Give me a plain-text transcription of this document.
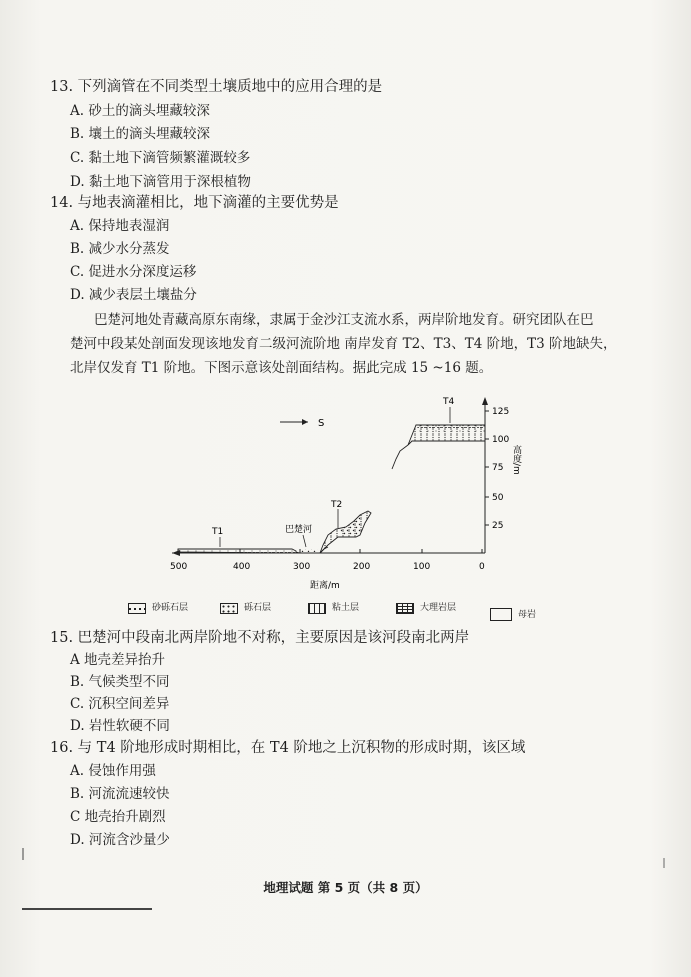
13. 下列滴管在不同类型土壤质地中的应用合理的是
A. 砂土的滴头埋藏较深
B. 壤土的滴头埋藏较深
C. 黏土地下滴管频繁灌溉较多
D. 黏土地下滴管用于深根植物
14. 与地表滴灌相比，地下滴灌的主要优势是
A. 保持地表湿润
B. 减少水分蒸发
C. 促进水分深度运移
D. 减少表层土壤盐分
巴楚河地处青藏高原东南缘，隶属于金沙江支流水系，两岸阶地发育。研究团队在巴
楚河中段某处剖面发现该地发育二级河流阶地 南岸发育 T2、T3、T4 阶地，T3 阶地缺失，
北岸仅发育 T1 阶地。下图示意该处剖面结构。据此完成 15 ~16 题。
S
500	400	300	200	100	0
距离/m
125
100
75
50
25
高度/m
T1	巴楚河
T2
T4
砂砾石层	砾石层	粘土层	大理岩层
母岩
15. 巴楚河中段南北两岸阶地不对称，主要原因是该河段南北两岸
A 地壳差异抬升
B. 气候类型不同
C. 沉积空间差异
D. 岩性软硬不同
16. 与 T4 阶地形成时期相比，在 T4 阶地之上沉积物的形成时期，该区域
A. 侵蚀作用强
B. 河流流速较快
C 地壳抬升剧烈
D. 河流含沙量少
地理试题 第 5 页（共 8 页）
